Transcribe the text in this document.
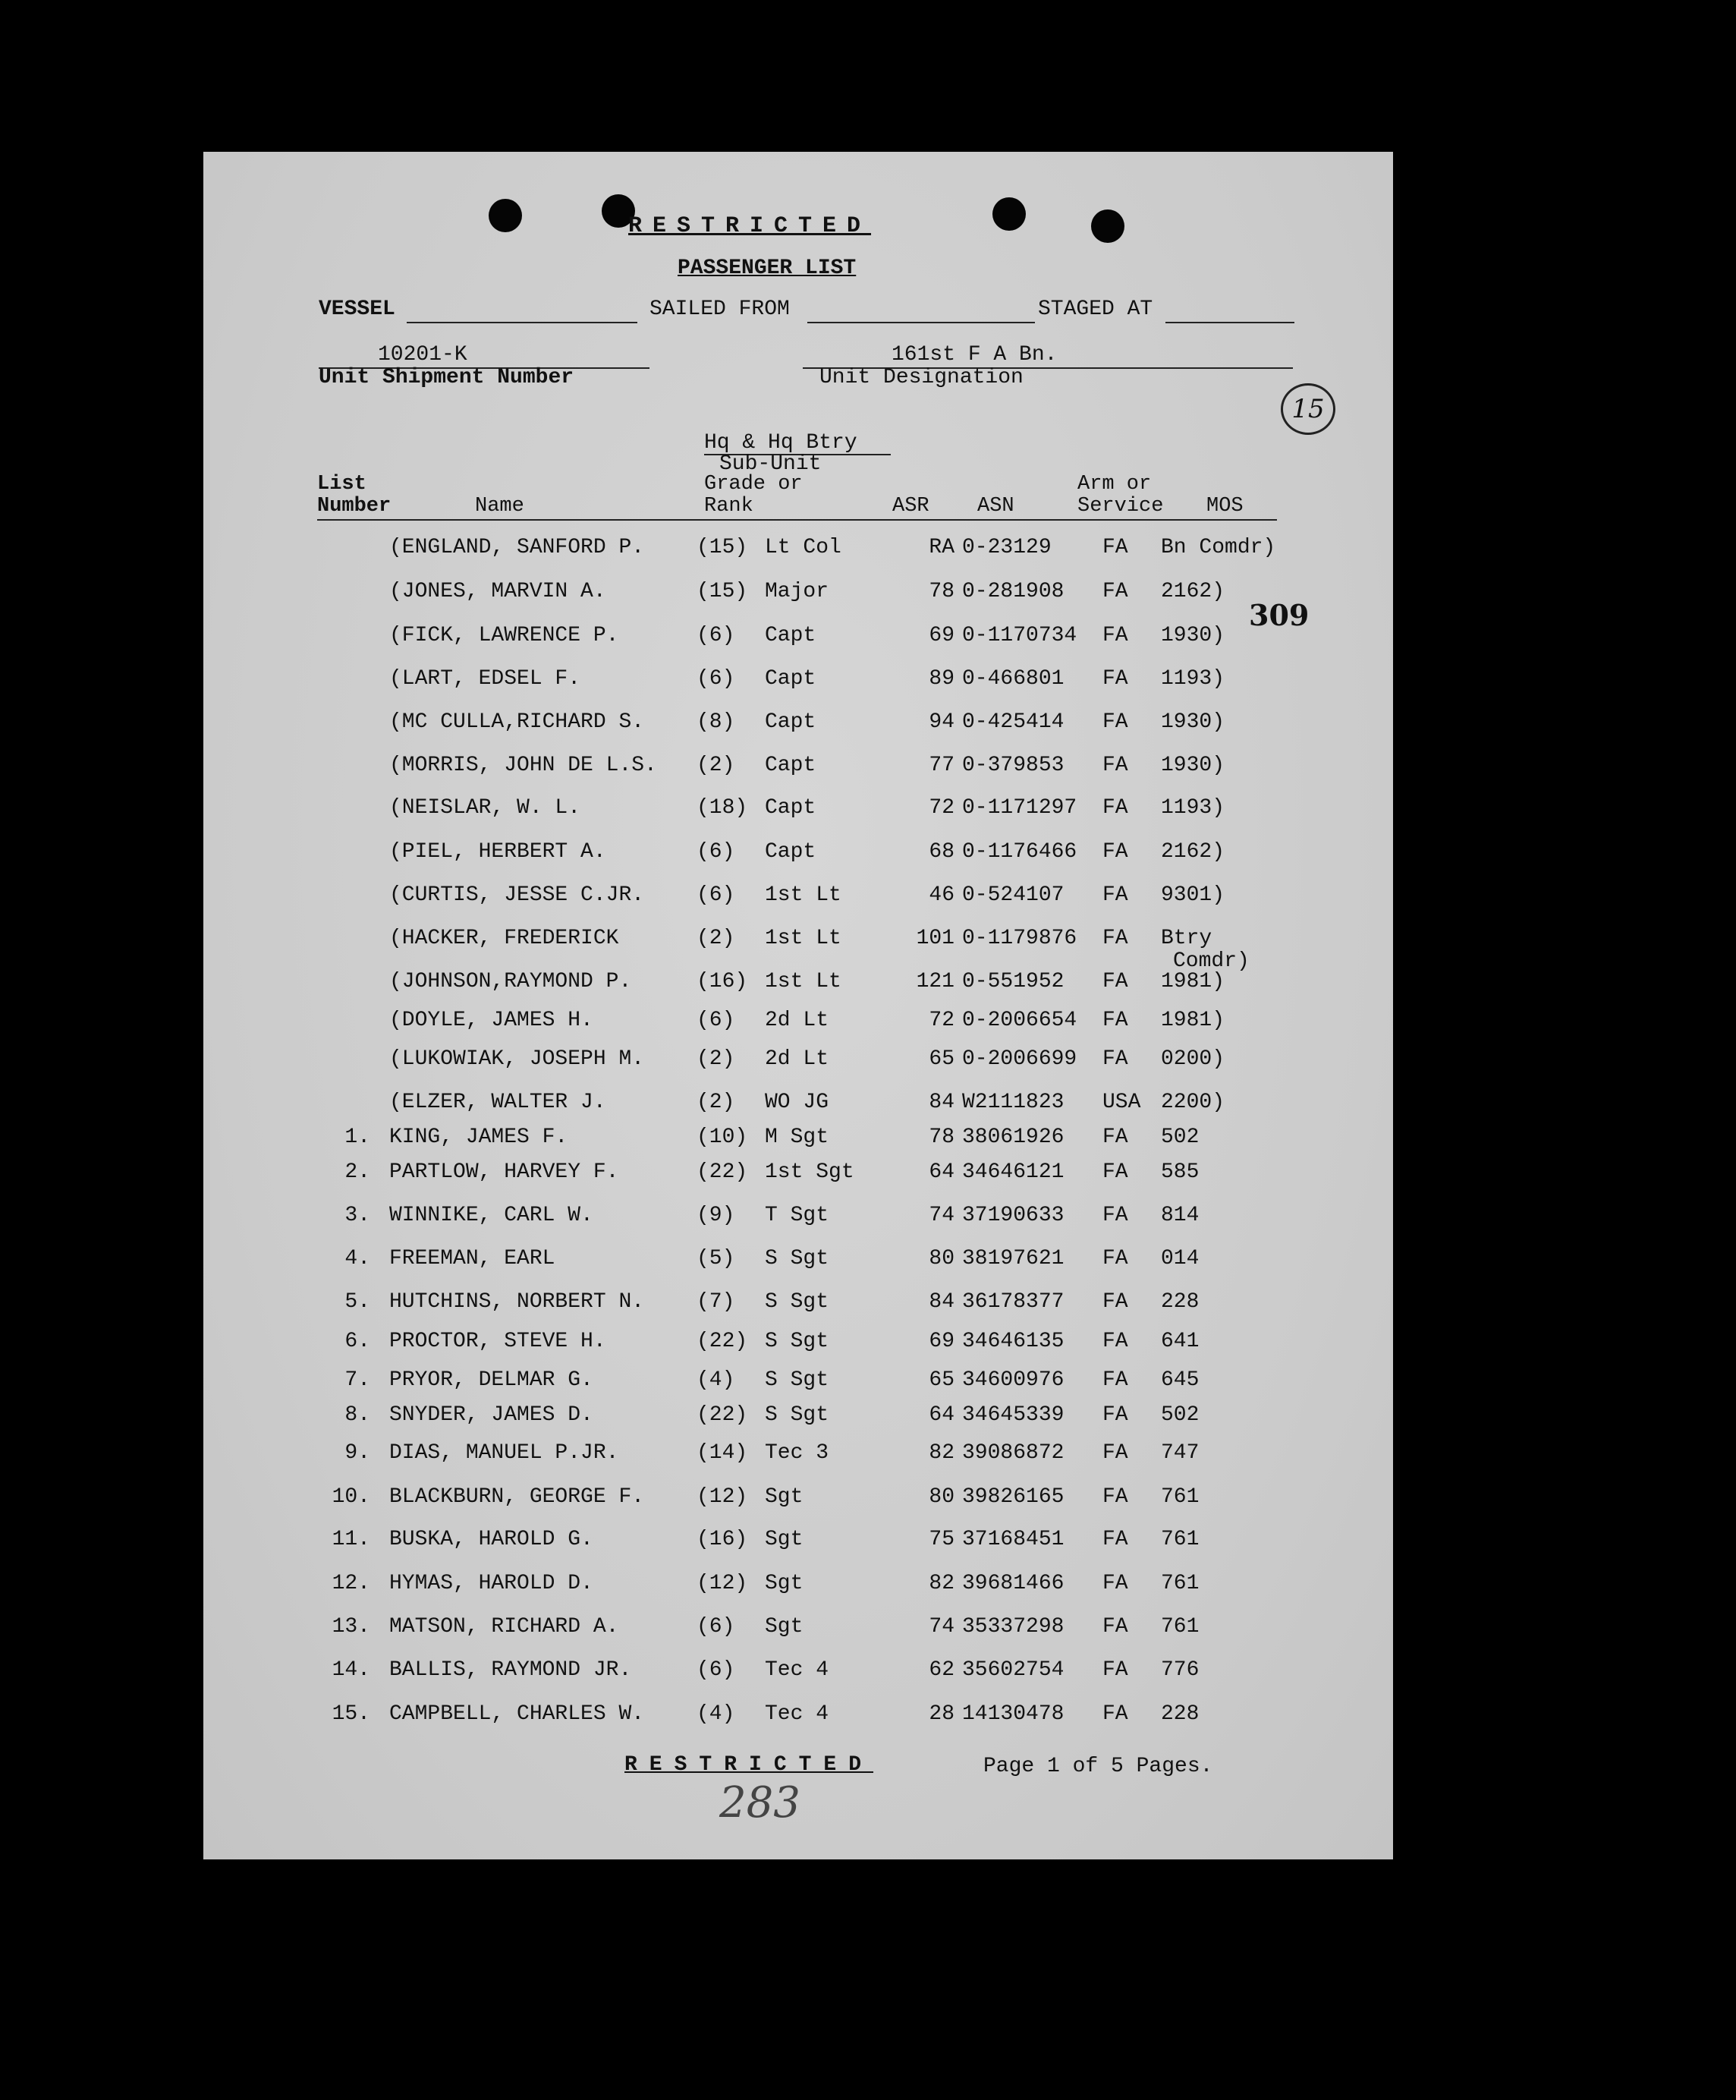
RESTRICTED
PASSENGER LIST
VESSEL	SAILED FROM	STAGED AT
10201-K
Unit Shipment Number
161st F A Bn.
Unit Designation
15
Hq & Hq Btry
Sub-Unit
List
Number	Name
Grade or
Rank	ASR ASN
Arm or
Service MOS
(ENGLAND, SANFORD P. (15) Lt Col	RA 0-23129 FA Bn Comdr)
(JONES, MARVIN A.	(15) Major	78 0-281908 FA 2162)
(FICK, LAWRENCE P.	(6) Capt	69 0-1170734 FA 1930)
(LART, EDSEL F.	(6) Capt	89 0-466801 FA 1193)
(MC CULLA,RICHARD S. (8) Capt	94 0-425414 FA 1930)
(MORRIS, JOHN DE L.S. (2) Capt	77 0-379853 FA 1930)
(NEISLAR, W. L.	(18) Capt	72 0-1171297 FA 1193)
(PIEL, HERBERT A.	(6) Capt	68 0-1176466 FA 2162)
(CURTIS, JESSE C.JR. (6) 1st Lt	46 0-524107 FA 9301)
(HACKER, FREDERICK	(2) 1st Lt	101 0-1179876 FA Btry
Comdr)
(JOHNSON,RAYMOND P.	(16) 1st Lt	121 0-551952 FA 1981)
(DOYLE, JAMES H.	(6) 2d Lt	72 0-2006654 FA 1981)
(LUKOWIAK, JOSEPH M. (2) 2d Lt	65 0-2006699 FA 0200)
(ELZER, WALTER J.	(2) WO JG	84 W2111823 USA 2200)
1. KING, JAMES F.	(10) M Sgt	78 38061926 FA 502
2. PARTLOW, HARVEY F.	(22) 1st Sgt	64 34646121 FA 585
3. WINNIKE, CARL W.	(9) T Sgt	74 37190633 FA 814
4. FREEMAN, EARL	(5) S Sgt	80 38197621 FA 014
5. HUTCHINS, NORBERT N. (7) S Sgt	84 36178377 FA 228
6. PROCTOR, STEVE H.	(22) S Sgt	69 34646135 FA 641
7. PRYOR, DELMAR G.	(4) S Sgt	65 34600976 FA 645
8. SNYDER, JAMES D.	(22) S Sgt	64 34645339 FA 502
9. DIAS, MANUEL P.JR.	(14) Tec 3	82 39086872 FA 747
10. BLACKBURN, GEORGE F. (12) Sgt	80 39826165 FA 761
11. BUSKA, HAROLD G.	(16) Sgt	75 37168451 FA 761
12. HYMAS, HAROLD D.	(12) Sgt	82 39681466 FA 761
13. MATSON, RICHARD A.	(6) Sgt	74 35337298 FA 761
14. BALLIS, RAYMOND JR.	(6) Tec 4	62 35602754 FA 776
15. CAMPBELL, CHARLES W. (4) Tec 4	28 14130478 FA 228
309
RESTRICTED	Page 1 of 5 Pages.
283
